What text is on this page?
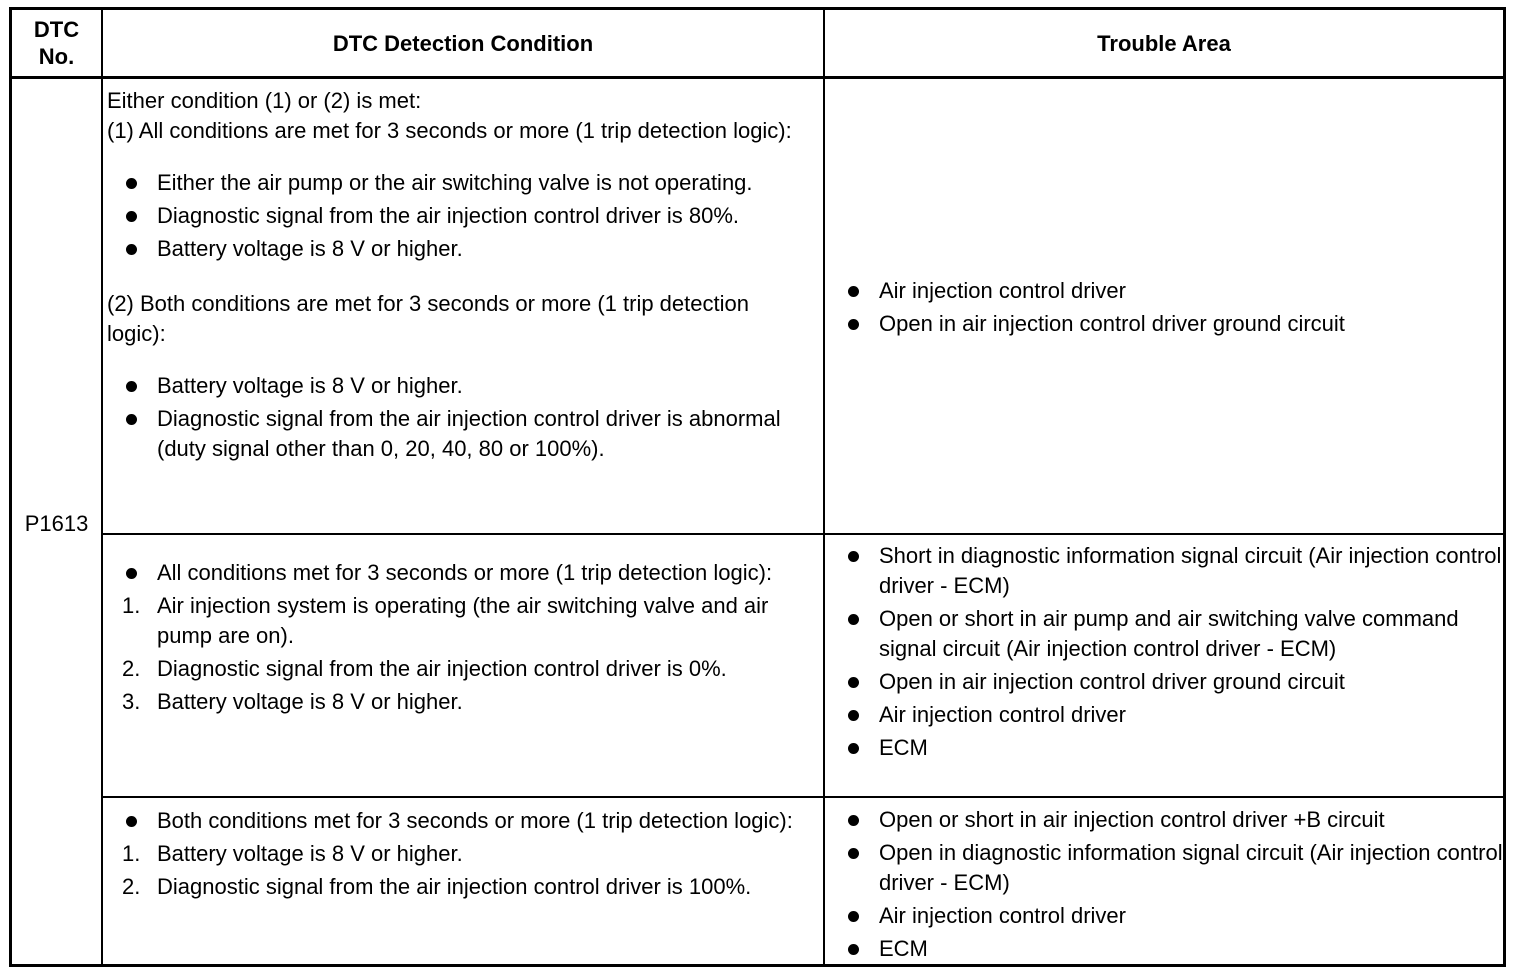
DTC No.
DTC Detection Condition	Trouble Area
P1613

Either condition (1) or (2) is met:

(1) All conditions are met for 3 seconds or more (1 trip detection logic):

Either the air pump or the air switching valve is not operating.
Diagnostic signal from the air injection control driver is 80%.
Battery voltage is 8 V or higher.

(2) Both conditions are met for 3 seconds or more (1 trip detection logic):

Battery voltage is 8 V or higher.
Diagnostic signal from the air injection control driver is abnormal (duty signal other than 0, 20, 40, 80 or 100%).
Air injection control driver
Open in air injection control driver ground circuit
All conditions met for 3 seconds or more (1 trip detection logic):
1. Air injection system is operating (the air switching valve and air pump are on).
2. Diagnostic signal from the air injection control driver is 0%.
3. Battery voltage is 8 V or higher.
Short in diagnostic information signal circuit (Air injection control driver - ECM)
Open or short in air pump and air switching valve command signal circuit (Air injection control driver - ECM)
Open in air injection control driver ground circuit
Air injection control driver
ECM
Both conditions met for 3 seconds or more (1 trip detection logic):
1. Battery voltage is 8 V or higher.
2. Diagnostic signal from the air injection control driver is 100%.
Open or short in air injection control driver +B circuit
Open in diagnostic information signal circuit (Air injection control driver - ECM)
Air injection control driver
ECM
